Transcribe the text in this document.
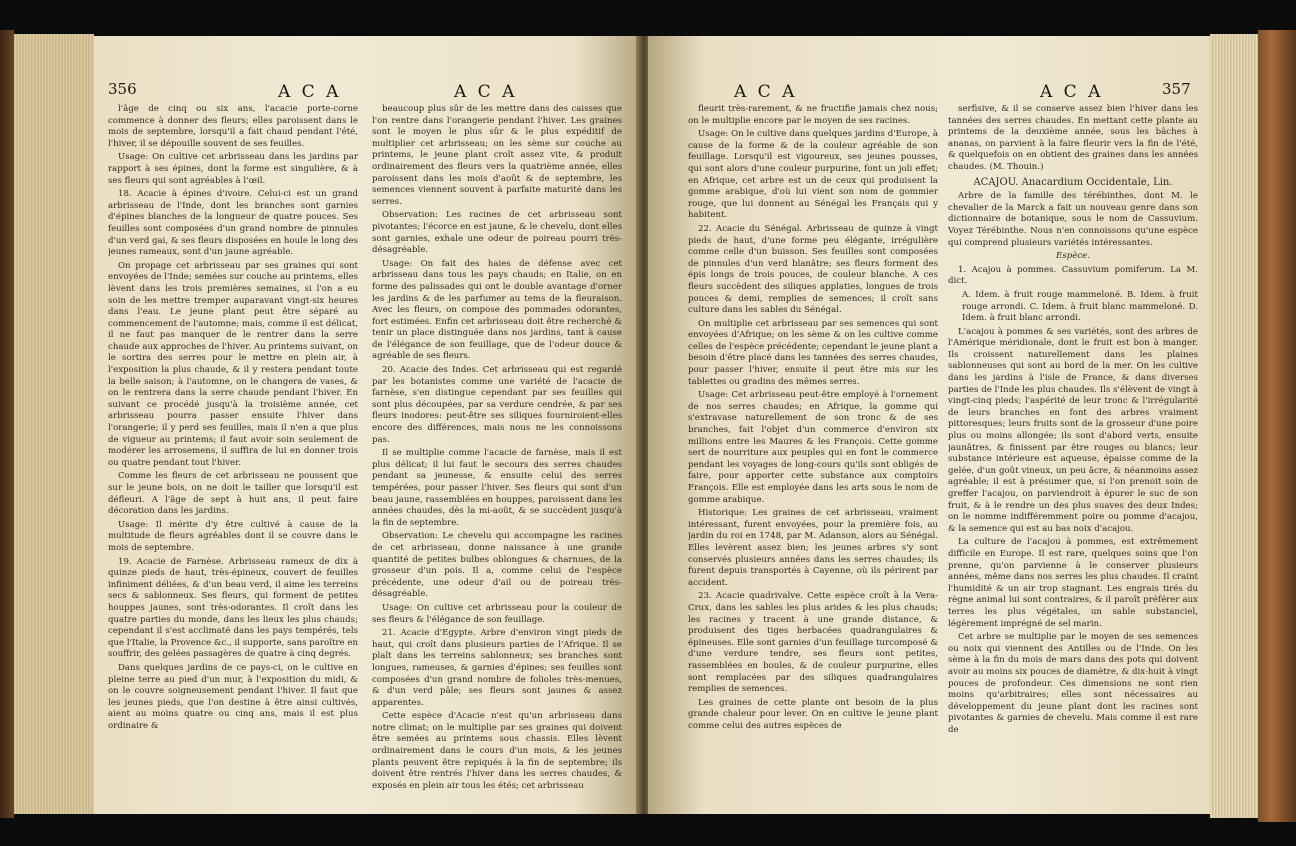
356	A C A	A C A

l'âge de cinq ou six ans, l'acacie porte-corne commence à donner des fleurs; elles paroissent dans le mois de septembre, lorsqu'il a fait chaud pendant l'été, l'hiver, il se dépouille souvent de ses feuilles.

Usage: On cultive cet arbrisseau dans les jardins par rapport à ses épines, dont la forme est singulière, & à ses fleurs qui sont agréables à l'œil.

18. Acacie à épines d'ivoire. Celui-ci est un grand arbrisseau de l'Inde, dont les branches sont garnies d'épines blanches de la longueur de quatre pouces. Ses feuilles sont composées d'un grand nombre de pinnules d'un verd gai, & ses fleurs disposées en houle le long des jeunes rameaux, sont d'un jaune agréable.

On propage cet arbrisseau par ses graines qui sont envoyées de l'Inde; semées sur couche au printems, elles lèvent dans les trois premières semaines, si l'on a eu soin de les mettre tremper auparavant vingt-six heures dans l'eau. Le jeune plant peut être séparé au commencement de l'automne; mais, comme il est délicat, il ne faut pas manquer de le rentrer dans la serre chaude aux approches de l'hiver. Au printems suivant, on le sortira des serres pour le mettre en plein air, à l'exposition la plus chaude, & il y restera pendant toute la belle saison; à l'automne, on le changera de vases, & on le rentrera dans la serre chaude pendant l'hiver. En suivant ce procédé jusqu'à la troisième année, cet arbrisseau pourra passer ensuite l'hiver dans l'orangerie; il y perd ses feuilles, mais il n'en a que plus de vigueur au printems; il faut avoir soin seulement de modérer les arrosemens, il suffira de lui en donner trois ou quatre pendant tout l'hiver.

Comme les fleurs de cet arbrisseau ne poussent que sur le jeune bois, on ne doit le tailler que lorsqu'il est défleuri. A l'âge de sept à huit ans, il peut faire décoration dans les jardins.

Usage: Il mérite d'y être cultivé à cause de la multitude de fleurs agréables dont il se couvre dans le mois de septembre.

19. Acacie de Farnèse. Arbrisseau rameux de dix à quinze pieds de haut, très-épineux, couvert de feuilles infiniment déliées, & d'un beau verd, il aime les terreins secs & sablonneux. Ses fleurs, qui forment de petites houppes jaunes, sont très-odorantes. Il croît dans les quatre parties du monde, dans les lieux les plus chauds; cependant il s'est acclimaté dans les pays tempérés, tels que l'Italie, la Provence &c., il supporte, sans paroître en souffrir, des gelées passagères de quatre à cinq degrés.

Dans quelques jardins de ce pays-ci, on le cultive en pleine terre au pied d'un mur, à l'exposition du midi, & on le couvre soigneusement pendant l'hiver. Il faut que les jeunes pieds, que l'on destine à être ainsi cultivés, aient au moins quatre ou cinq ans, mais il est plus ordinaire &

beaucoup plus sûr de les mettre dans des caisses que l'on rentre dans l'orangerie pendant l'hiver. Les graines sont le moyen le plus sûr & le plus expéditif de multiplier cet arbrisseau; on les sème sur couche au printems, le jeune plant croît assez vite, & produit ordinairement des fleurs vers la quatrième année, elles paroissent dans les mois d'août & de septembre, les semences viennent souvent à parfaite maturité dans les serres.

Observation: Les racines de cet arbrisseau sont pivotantes; l'écorce en est jaune, & le chevelu, dont elles sont garnies, exhale une odeur de poireau pourri très-désagréable.

Usage: On fait des haies de défense avec cet arbrisseau dans tous les pays chauds; en Italie, on en forme des palissades qui ont le double avantage d'orner les jardins & de les parfumer au tems de la fleuraison. Avec les fleurs, on compose des pommades odorantes, fort estimées. Enfin cet arbrisseau doit être recherché & tenir un place distinguée dans nos jardins, tant à cause de l'élégance de son feuillage, que de l'odeur douce & agréable de ses fleurs.

20. Acacie des Indes. Cet arbrisseau qui est regardé par les botanistes comme une variété de l'acacie de farnèse, s'en distingue cependant par ses feuilles qui sont plus découpées, par sa verdure cendrée, & par ses fleurs inodores: peut-être ses siliques fourniroient-elles encore des différences, mais nous ne les connoissons pas.

Il se multiplie comme l'acacie de farnèse, mais il est plus délicat; il lui faut le secours des serres chaudes pendant sa jeunesse, & ensuite celui des serres tempérées, pour passer l'hiver. Ses fleurs qui sont d'un beau jaune, rassemblées en houppes, paroissent dans les années chaudes, dès la mi-août, & se succèdent jusqu'à la fin de septembre.

Observation: Le chevelu qui accompagne les racines de cet arbrisseau, donne naissance à une grande quantité de petites bulbes oblongues & charnues, de la grosseur d'un pois. Il a, comme celui de l'espèce précédente, une odeur d'ail ou de poireau très-désagréable.

Usage: On cultive cet arbrisseau pour la couleur de ses fleurs & l'élégance de son feuillage.

21. Acacie d'Egypte. Arbre d'environ vingt pieds de haut, qui croît dans plusieurs parties de l'Afrique. Il se plaît dans les terreins sablonneux; ses branches sont longues, rameuses, & garnies d'épines; ses feuilles sont composées d'un grand nombre de folioles très-menues, & d'un verd pâle; ses fleurs sont jaunes & assez apparentes.

Cette espèce d'Acacie n'est qu'un arbrisseau dans notre climat; on le multiplie par ses graines qui doivent être semées au printems sous chassis. Elles lèvent ordinairement dans le cours d'un mois, & les jeunes plants peuvent être repiqués à la fin de septembre; ils doivent être rentrés l'hiver dans les serres chaudes, & exposés en plein air tous les étés; cet arbrisseau

A C A	A C A	357

fleurit très-rarement, & ne fructifie jamais chez nous; on le multiplie encore par le moyen de ses racines.

Usage: On le cultive dans quelques jardins d'Europe, à cause de la forme & de la couleur agréable de son feuillage. Lorsqu'il est vigoureux, ses jeunes pousses, qui sont alors d'une couleur purpurine, font un joli effet; en Afrique, cet arbre est un de ceux qui produisent la gomme arabique, d'où lui vient son nom de gommier rouge, que lui donnent au Sénégal les Français qui y habitent.

22. Acacie du Sénégal. Arbrisseau de quinze à vingt pieds de haut, d'une forme peu élégante, irrégulière comme celle d'un buisson. Ses feuilles sont composées de pinnules d'un verd blanâtre; ses fleurs forment des épis longs de trois pouces, de couleur blanche. A ces fleurs succèdent des siliques applaties, longues de trois pouces & demi, remplies de semences; il croît sans culture dans les sables du Sénégal.

On multiplie cet arbrisseau par ses semences qui sont envoyées d'Afrique; on les sème & on les cultive comme celles de l'espèce précédente; cependant le jeune plant a besoin d'être placé dans les tannées des serres chaudes, pour passer l'hiver, ensuite il peut être mis sur les tablettes ou gradins des mêmes serres.

Usage: Cet arbrisseau peut-être employé à l'ornement de nos serres chaudes; en Afrique, la gomme qui s'extravase naturellement de son tronc & de ses branches, fait l'objet d'un commerce d'environ six millions entre les Maures & les François. Cette gomme sert de nourriture aux peuples qui en font le commerce pendant les voyages de long-cours qu'ils sont obligés de faire, pour apporter cette substance aux comptoirs François. Elle est employée dans les arts sous le nom de gomme arabique.

Historique: Les graines de cet arbrisseau, vraiment intéressant, furent envoyées, pour la première fois, au jardin du roi en 1748, par M. Adanson, alors au Sénégal. Elles levèrent assez bien; les jeunes arbres s'y sont conservés plusieurs années dans les serres chaudes; ils furent depuis transportés à Cayenne, où ils périrent par accident.

23. Acacie quadrivalve. Cette espèce croît à la Vera-Crux, dans les sables les plus arides & les plus chauds; les racines y tracent à une grande distance, & produisent des tiges herbacées quadrangulaires & épineuses. Elle sont garnies d'un feuillage turcomposé & d'une verdure tendre, ses fleurs sont petites, rassemblées en boules, & de couleur purpurine, elles sont remplacées par des siliques quadrangulaires remplies de semences.

Les graines de cette plante ont besoin de la plus grande chaleur pour lever. On en cultive le jeune plant comme celui des autres espèces de

serfisive, & il se conserve assez bien l'hiver dans les tannées des serres chaudes. En mettant cette plante au printems de la deuxième année, sous les bâches à ananas, on parvient à la faire fleurir vers la fin de l'été, & quelquefois on en obtient des graines dans les années chaudes. (M. Thouin.)

ACAJOU. Anacardium Occidentale, Lin.

Arbre de la famille des térébinthes, dont M. le chevalier de la Marck a fait un nouveau genre dans son dictionnaire de botanique, sous le nom de Cassuvium. Voyez Térébinthe. Nous n'en connoissons qu'une espèce qui comprend plusieurs variétés intéressantes.

Espèce.

1. Acajou à pommes. Cassuvium pomiferum. La M. dict.

A. Idem. à fruit rouge mammeloné. B. Idem. à fruit rouge arrondi. C. Idem. à fruit blanc mammeloné. D. Idem. à fruit blanc arrondi.

L'acajou à pommes & ses variétés, sont des arbres de l'Amérique méridionale, dont le fruit est bon à manger. Ils croissent naturellement dans les plaines sablonneuses qui sont au bord de la mer. On les cultive dans les jardins à l'isle de France, & dans diverses parties de l'Inde les plus chaudes. Ils s'élèvent de vingt à vingt-cinq pieds; l'aspérité de leur tronc & l'irrégularité de leurs branches en font des arbres vraiment pittoresques; leurs fruits sont de la grosseur d'une poire plus ou moins allongée; ils sont d'abord verts, ensuite jaunâtres, & finissent par être rouges ou blancs; leur substance intérieure est aqueuse, épaisse comme de la gelée, d'un goût vineux, un peu âcre, & néanmoins assez agréable; il est à présumer que, si l'on prenoit soin de greffer l'acajou, on parviendroit à épurer le suc de son fruit, & à le rendre un des plus suaves des deux Indes; on le nomme indifféremment poire ou pomme d'acajou, & la semence qui est au bas noix d'acajou.

La culture de l'acajou à pommes, est extrêmement difficile en Europe. Il est rare, quelques soins que l'on prenne, qu'on parvienne à le conserver plusieurs années, même dans nos serres les plus chaudes. Il craint l'humidité & un air trop stagnant. Les engrais tirés du règne animal lui sont contraires, & il paroît préférer aux terres les plus végétales, un sable substanciel, légèrement imprégné de sel marin.

Cet arbre se multiplie par le moyen de ses semences ou noix qui viennent des Antilles ou de l'Inde. On les sème à la fin du mois de mars dans des pots qui doivent avoir au moins six pouces de diamètre, & dix-huit à vingt pouces de profondeur. Ces dimensions ne sont rien moins qu'arbitraires; elles sont nécessaires au développement du jeune plant dont les racines sont pivotantes & garnies de chevelu. Mais comme il est rare de
